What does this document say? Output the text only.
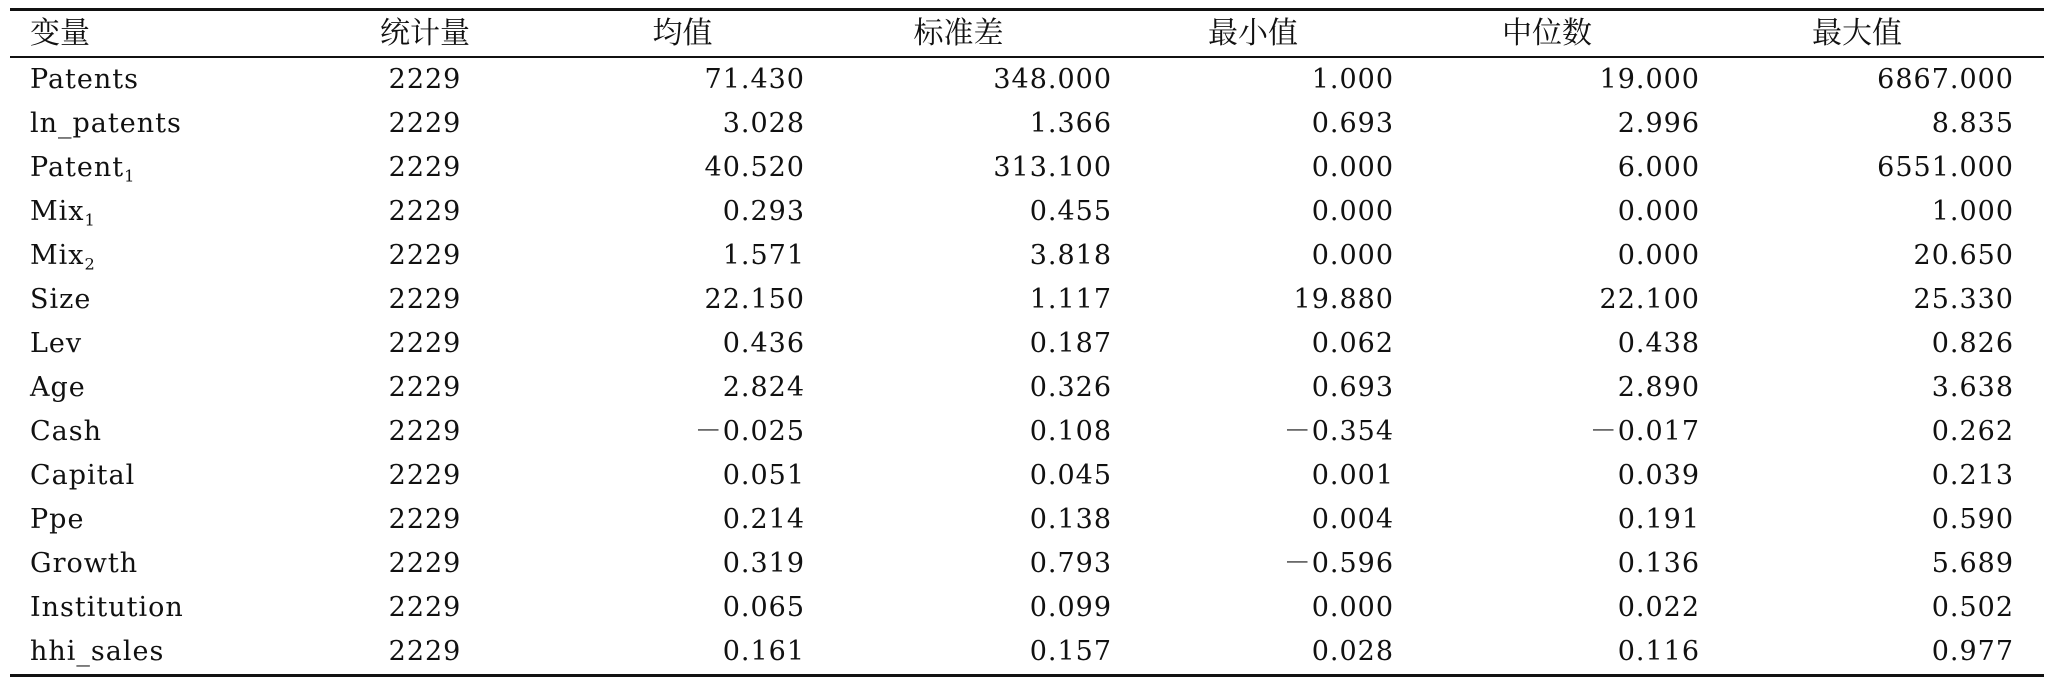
变量	统计量	均值	标准差	最小值	中位数	最大值	
Patents	2229	71.430	348.000	1.000	19.000	6867.000	
ln_patents	2229	3.028	1.366	0.693	2.996	8.835	
Patent$_1$	2229	40.520	313.100	0.000	6.000	6551.000	
Mix$_1$	2229	0.293	0.455	0.000	0.000	1.000	
Mix$_2$	2229	1.571	3.818	0.000	0.000	20.650	
Size	2229	22.150	1.117	19.880	22.100	25.330	
Lev	2229	0.436	0.187	0.062	0.438	0.826	
Age	2229	2.824	0.326	0.693	2.890	3.638	
Cash	2229	－0.025	0.108	－0.354	－0.017	0.262	
Capital	2229	0.051	0.045	0.001	0.039	0.213	
Ppe	2229	0.214	0.138	0.004	0.191	0.590	
Growth	2229	0.319	0.793	－0.596	0.136	5.689	
Institution	2229	0.065	0.099	0.000	0.022	0.502	
hhi_sales	2229	0.161	0.157	0.028	0.116	0.977	
